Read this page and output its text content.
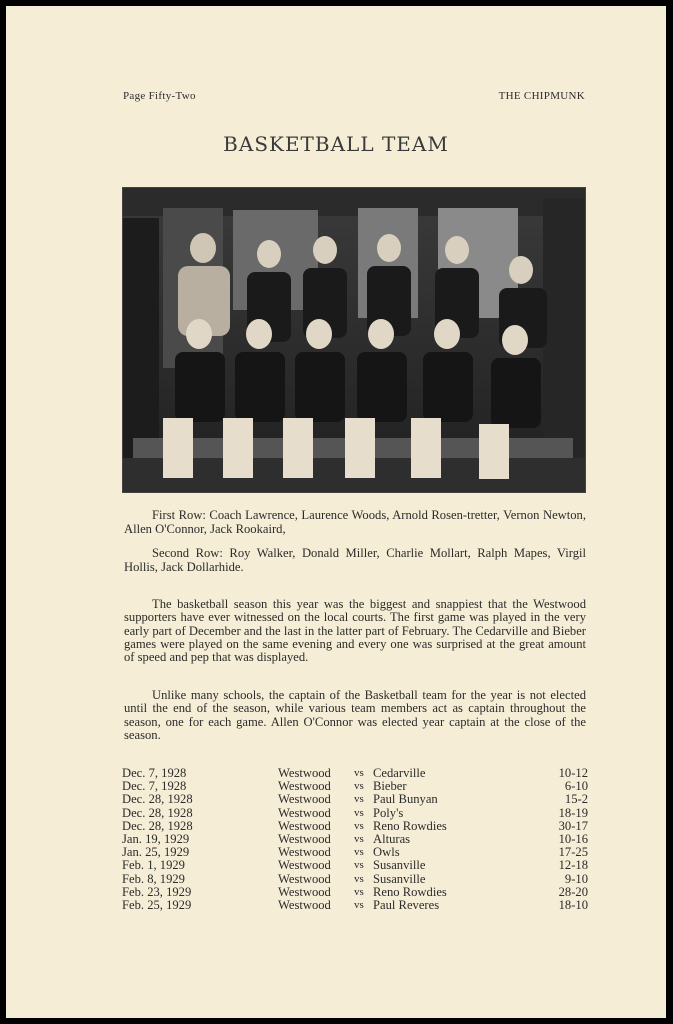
Page Fifty-Two	THE CHIPMUNK
BASKETBALL TEAM
First Row: Coach Lawrence, Laurence Woods, Arnold Rosen-tretter, Vernon Newton, Allen O'Connor, Jack Rookaird,
Second Row: Roy Walker, Donald Miller, Charlie Mollart, Ralph Mapes, Virgil Hollis, Jack Dollarhide.
The basketball season this year was the biggest and snappiest that the Westwood supporters have ever witnessed on the local courts. The first game was played in the very early part of December and the last in the latter part of February. The Cedarville and Bieber games were played on the same evening and every one was surprised at the great amount of speed and pep that was displayed.
Unlike many schools, the captain of the Basketball team for the year is not elected until the end of the season, while various team members act as captain throughout the season, one for each game. Allen O'Connor was elected year captain at the close of the season.
Dec. 7, 1928	Westwood vs Cedarville	10-12
Dec. 7, 1928	Westwood vs Bieber	6-10
Dec. 28, 1928	Westwood vs Paul Bunyan	15-2
Dec. 28, 1928	Westwood vs Poly's	18-19
Dec. 28, 1928	Westwood vs Reno Rowdies	30-17
Jan. 19, 1929	Westwood vs Alturas	10-16
Jan. 25, 1929	Westwood vs Owls	17-25
Feb. 1, 1929	Westwood vs Susanville	12-18
Feb. 8, 1929	Westwood vs Susanville	9-10
Feb. 23, 1929	Westwood vs Reno Rowdies	28-20
Feb. 25, 1929	Westwood vs Paul Reveres	18-10
